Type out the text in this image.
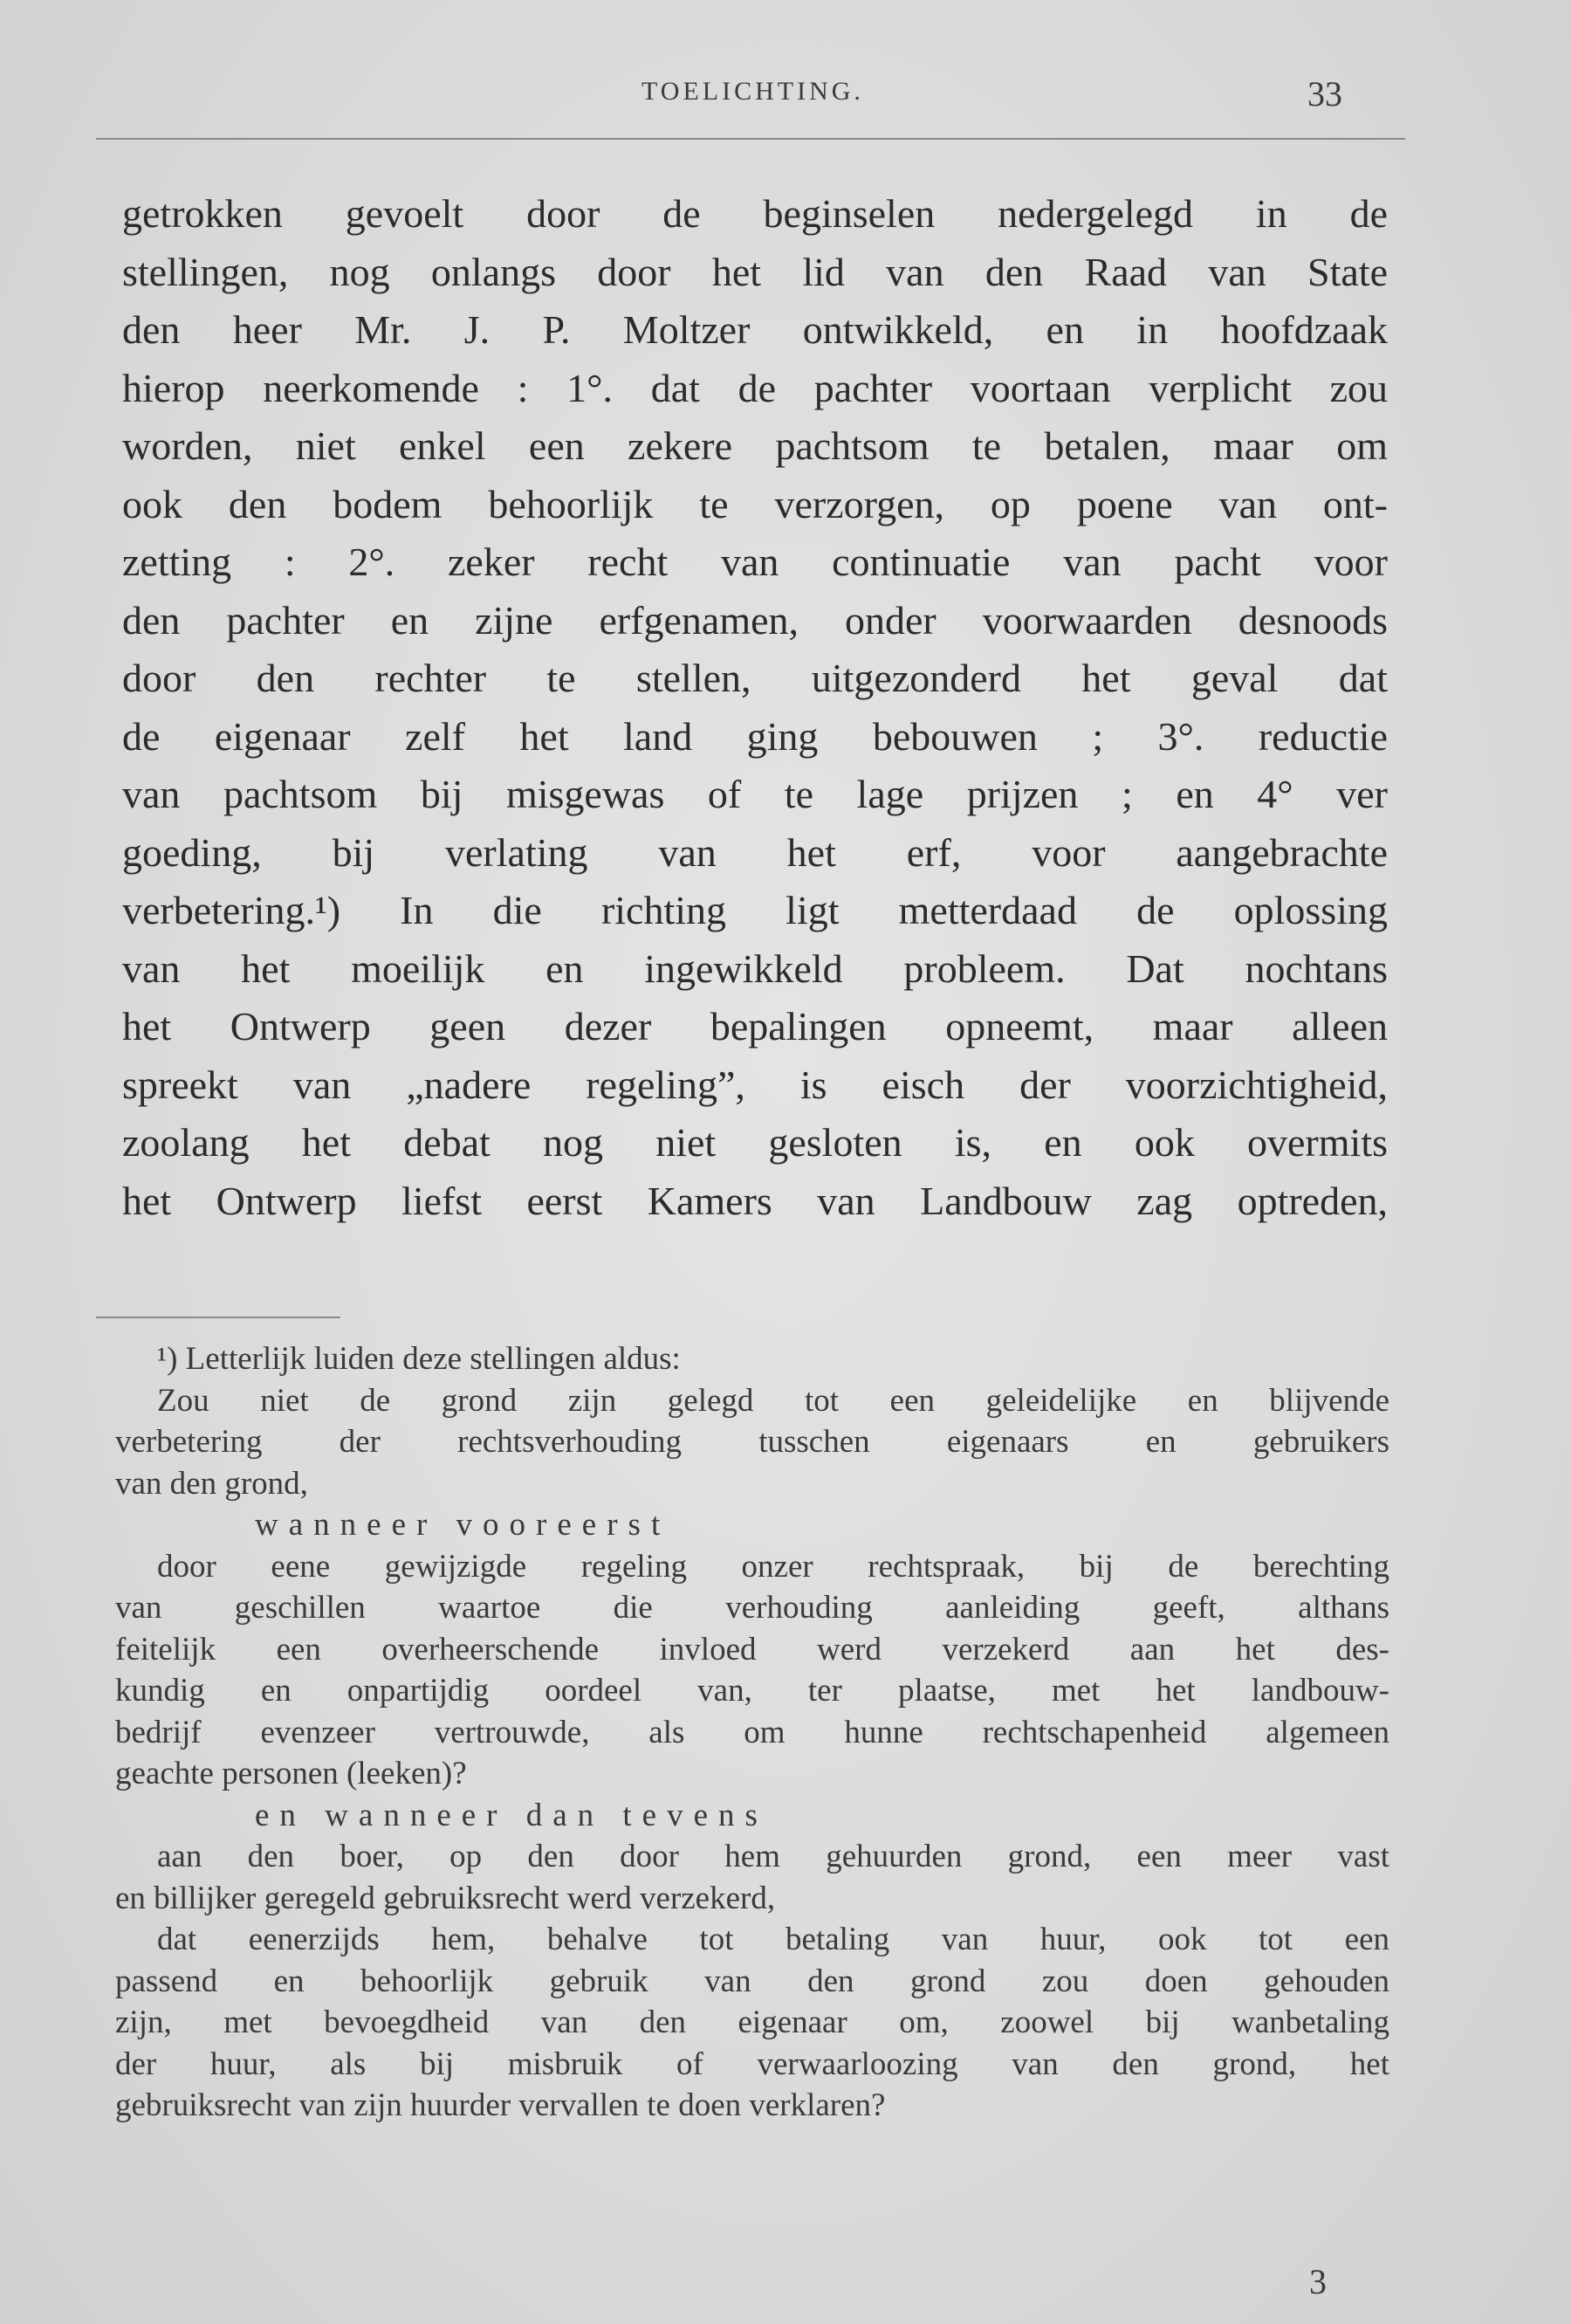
TOELICHTING.	33
getrokken gevoelt door de beginselen nedergelegd in de
stellingen, nog onlangs door het lid van den Raad van State
den heer Mr. J. P. Moltzer ontwikkeld, en in hoofdzaak
hierop neerkomende : 1°. dat de pachter voortaan verplicht zou
worden, niet enkel een zekere pachtsom te betalen, maar om
ook den bodem behoorlijk te verzorgen, op poene van ont-
zetting : 2°. zeker recht van continuatie van pacht voor
den pachter en zijne erfgenamen, onder voorwaarden desnoods
door den rechter te stellen, uitgezonderd het geval dat
de eigenaar zelf het land ging bebouwen ; 3°. reductie
van pachtsom bij misgewas of te lage prijzen ; en 4° ver
goeding, bij verlating van het erf, voor aangebrachte
verbetering.¹) In die richting ligt metterdaad de oplossing
van het moeilijk en ingewikkeld probleem. Dat nochtans
het Ontwerp geen dezer bepalingen opneemt, maar alleen
spreekt van „nadere regeling”, is eisch der voorzichtigheid,
zoolang het debat nog niet gesloten is, en ook overmits
het Ontwerp liefst eerst Kamers van Landbouw zag optreden,
¹) Letterlijk luiden deze stellingen aldus:
Zou niet de grond zijn gelegd tot een geleidelijke en blijvende
verbetering der rechtsverhouding tusschen eigenaars en gebruikers
van den grond,
wanneer vooreerst
door eene gewijzigde regeling onzer rechtspraak, bij de berechting
van geschillen waartoe die verhouding aanleiding geeft, althans
feitelijk een overheerschende invloed werd verzekerd aan het des-
kundig en onpartijdig oordeel van, ter plaatse, met het landbouw-
bedrijf evenzeer vertrouwde, als om hunne rechtschapenheid algemeen
geachte personen (leeken)?
en wanneer dan tevens
aan den boer, op den door hem gehuurden grond, een meer vast
en billijker geregeld gebruiksrecht werd verzekerd,
dat eenerzijds hem, behalve tot betaling van huur, ook tot een
passend en behoorlijk gebruik van den grond zou doen gehouden
zijn, met bevoegdheid van den eigenaar om, zoowel bij wanbetaling
der huur, als bij misbruik of verwaarloozing van den grond, het
gebruiksrecht van zijn huurder vervallen te doen verklaren?
3
